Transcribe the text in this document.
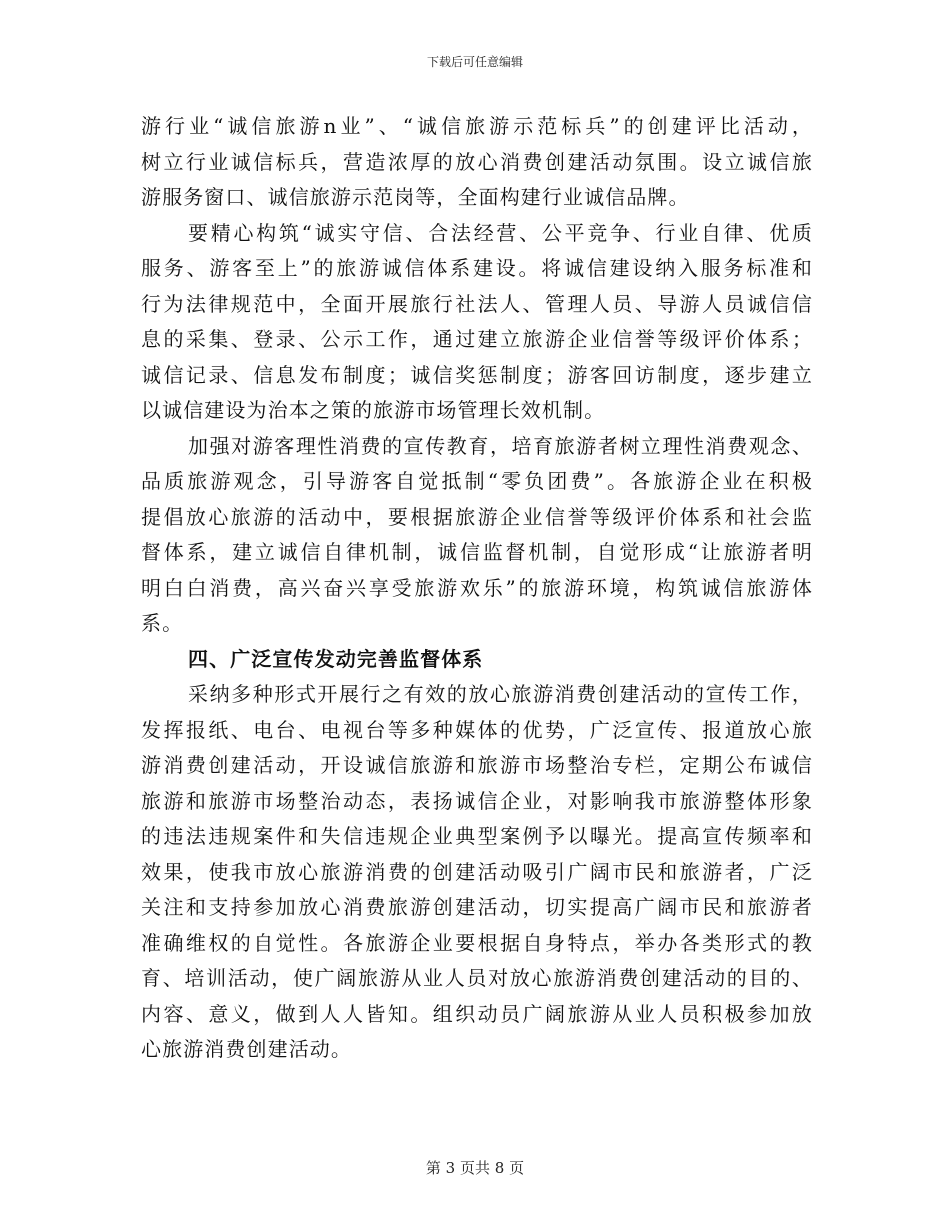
下载后可任意编辑
游行业“诚信旅游n业”、“诚信旅游示范标兵”的创建评比活动，
树立行业诚信标兵，营造浓厚的放心消费创建活动氛围。设立诚信旅
游服务窗口、诚信旅游示范岗等，全面构建行业诚信品牌。
要精心构筑“诚实守信、合法经营、公平竞争、行业自律、优质
服务、游客至上”的旅游诚信体系建设。将诚信建设纳入服务标准和
行为法律规范中，全面开展旅行社法人、管理人员、导游人员诚信信
息的采集、登录、公示工作，通过建立旅游企业信誉等级评价体系；
诚信记录、信息发布制度；诚信奖惩制度；游客回访制度，逐步建立
以诚信建设为治本之策的旅游市场管理长效机制。
加强对游客理性消费的宣传教育，培育旅游者树立理性消费观念、
品质旅游观念，引导游客自觉抵制“零负团费”。各旅游企业在积极
提倡放心旅游的活动中，要根据旅游企业信誉等级评价体系和社会监
督体系，建立诚信自律机制，诚信监督机制，自觉形成“让旅游者明
明白白消费，高兴奋兴享受旅游欢乐”的旅游环境，构筑诚信旅游体
系。
四、广泛宣传发动完善监督体系
采纳多种形式开展行之有效的放心旅游消费创建活动的宣传工作，
发挥报纸、电台、电视台等多种媒体的优势，广泛宣传、报道放心旅
游消费创建活动，开设诚信旅游和旅游市场整治专栏，定期公布诚信
旅游和旅游市场整治动态，表扬诚信企业，对影响我市旅游整体形象
的违法违规案件和失信违规企业典型案例予以曝光。提高宣传频率和
效果，使我市放心旅游消费的创建活动吸引广阔市民和旅游者，广泛
关注和支持参加放心消费旅游创建活动，切实提高广阔市民和旅游者
准确维权的自觉性。各旅游企业要根据自身特点，举办各类形式的教
育、培训活动，使广阔旅游从业人员对放心旅游消费创建活动的目的、
内容、意义，做到人人皆知。组织动员广阔旅游从业人员积极参加放
心旅游消费创建活动。
第 3 页共 8 页
